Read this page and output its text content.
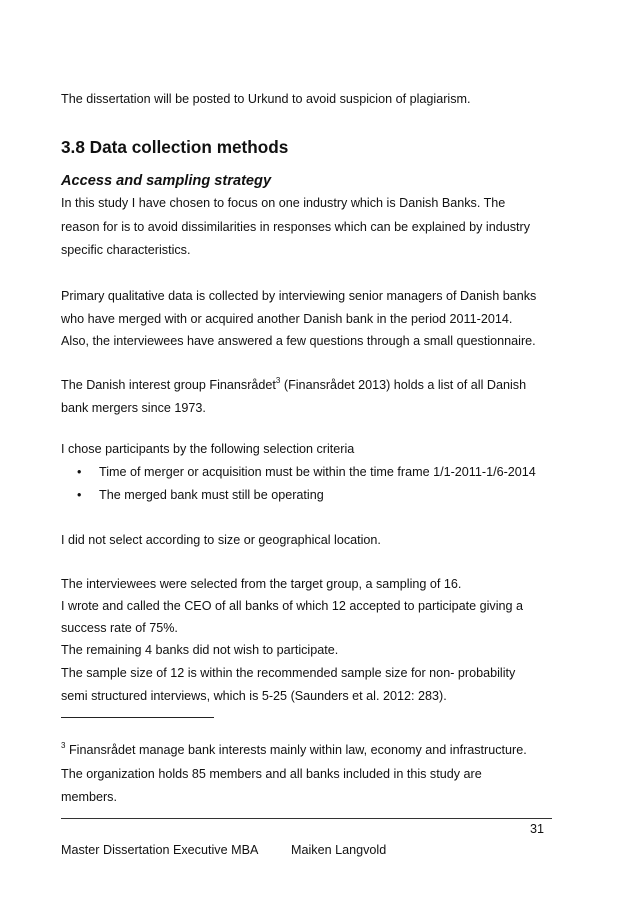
The dissertation will be posted to Urkund to avoid suspicion of plagiarism.

3.8 Data collection methods
Access and sampling strategy

In this study I have chosen to focus on one industry which is Danish Banks. The

reason for is to avoid dissimilarities in responses which can be explained by industry

specific characteristics.

Primary qualitative data is collected by interviewing senior managers of Danish banks

who have merged with or acquired another Danish bank in the period 2011-2014.

Also, the interviewees have answered a few questions through a small questionnaire.

The Danish interest group Finansrådet$^3$ (Finansrådet 2013) holds a list of all Danish

bank mergers since 1973.

I chose participants by the following selection criteria

• Time of merger or acquisition must be within the time frame 1/1-2011-1/6-2014

• The merged bank must still be operating

I did not select according to size or geographical location.

The interviewees were selected from the target group, a sampling of 16.

I wrote and called the CEO of all banks of which 12 accepted to participate giving a

success rate of 75%.

The remaining 4 banks did not wish to participate.

The sample size of 12 is within the recommended sample size for non- probability

semi structured interviews, which is 5-25 (Saunders et al. 2012: 283).

$^3$ Finansrådet manage bank interests mainly within law, economy and infrastructure.

The organization holds 85 members and all banks included in this study are

members.

31
Master Dissertation Executive MBA	Maiken Langvold
